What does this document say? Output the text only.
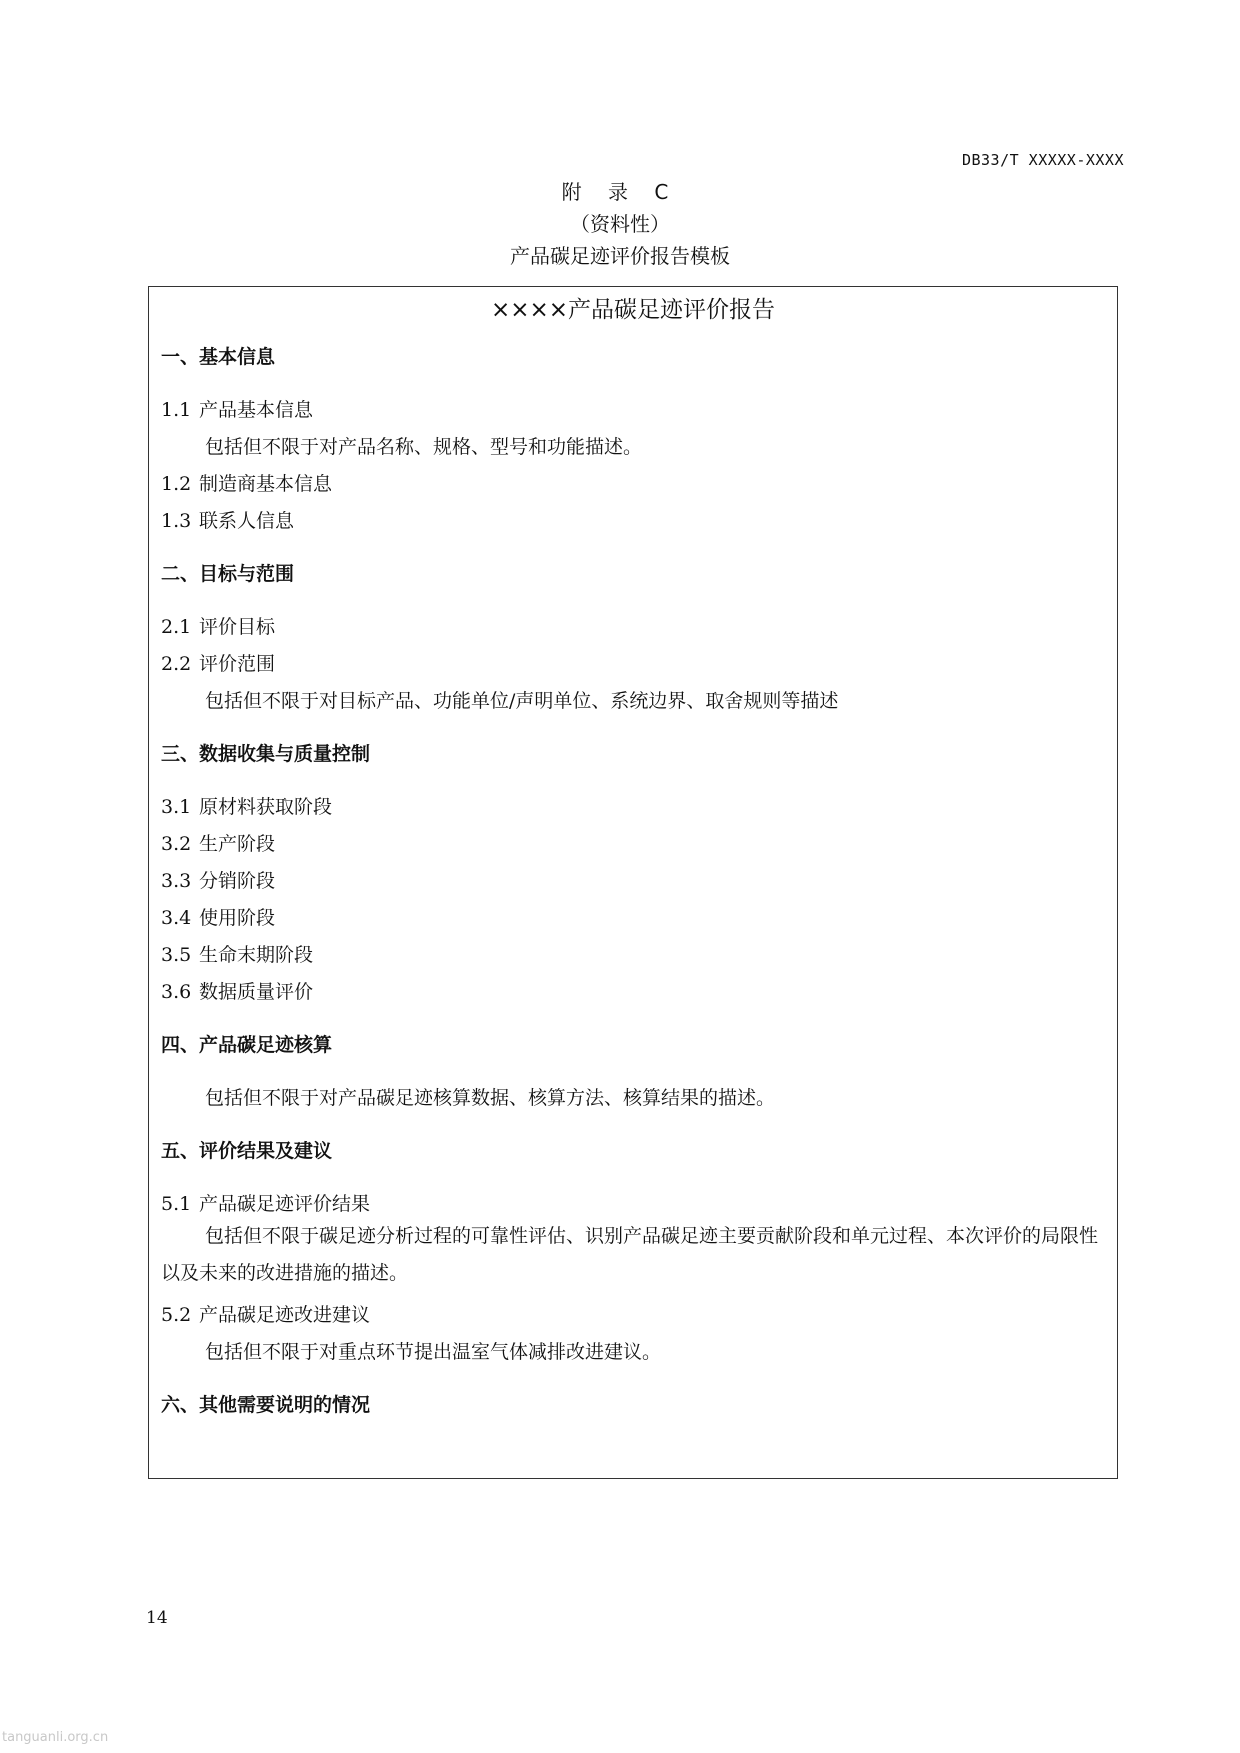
DB33/T XXXXX-XXXX
附 录 C
（资料性）
产品碳足迹评价报告模板
××××产品碳足迹评价报告
一、基本信息
1.1 产品基本信息
包括但不限于对产品名称、规格、型号和功能描述。
1.2 制造商基本信息
1.3 联系人信息
二、目标与范围
2.1 评价目标
2.2 评价范围
包括但不限于对目标产品、功能单位/声明单位、系统边界、取舍规则等描述
三、数据收集与质量控制
3.1 原材料获取阶段
3.2 生产阶段
3.3 分销阶段
3.4 使用阶段
3.5 生命末期阶段
3.6 数据质量评价
四、产品碳足迹核算
包括但不限于对产品碳足迹核算数据、核算方法、核算结果的描述。
五、评价结果及建议
5.1 产品碳足迹评价结果
包括但不限于碳足迹分析过程的可靠性评估、识别产品碳足迹主要贡献阶段和单元过程、本次评价的局限性以及未来的改进措施的描述。
5.2 产品碳足迹改进建议
包括但不限于对重点环节提出温室气体减排改进建议。
六、其他需要说明的情况
14
tanguanli.org.cn
